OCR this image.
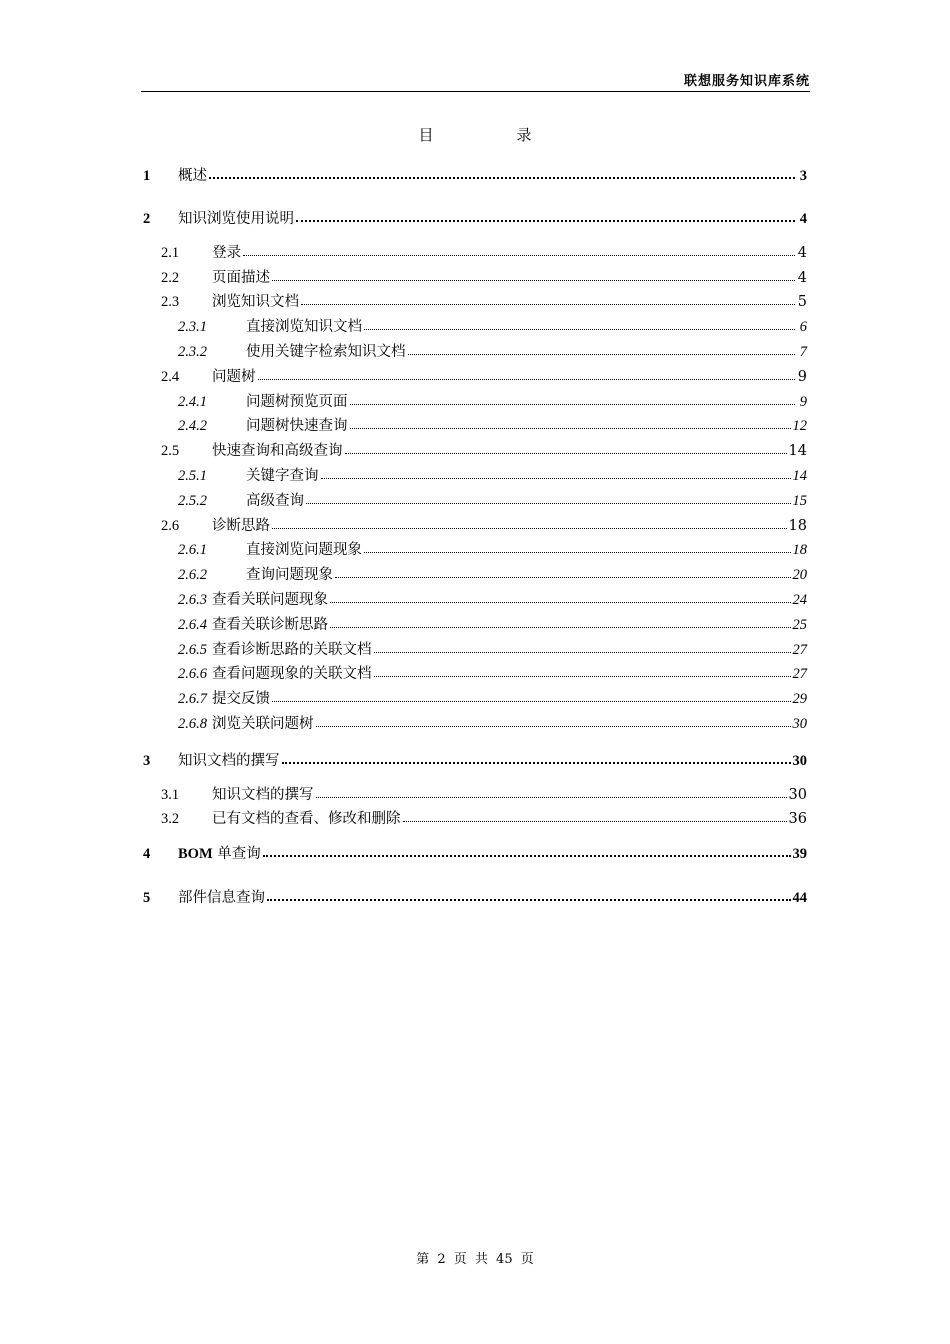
联想服务知识库系统
目　录
1	概述	3
2	知识浏览使用说明	4
2.1	登录	4
2.2	页面描述	4
2.3	浏览知识文档	5
2.3.1	直接浏览知识文档	6
2.3.2	使用关键字检索知识文档	7
2.4	问题树	9
2.4.1	问题树预览页面	9
2.4.2	问题树快速查询	12
2.5	快速查询和高级查询	14
2.5.1	关键字查询	14
2.5.2	高级查询	15
2.6	诊断思路	18
2.6.1	直接浏览问题现象	18
2.6.2	查询问题现象	20
2.6.3 查看关联问题现象	24
2.6.4 查看关联诊断思路	25
2.6.5 查看诊断思路的关联文档	27
2.6.6 查看问题现象的关联文档	27
2.6.7 提交反馈	29
2.6.8 浏览关联问题树	30
3	知识文档的撰写	30
3.1	知识文档的撰写	30
3.2	已有文档的查看、修改和删除	36
4	BOM 单查询	39
5	部件信息查询	44
第 2 页 共 45 页
